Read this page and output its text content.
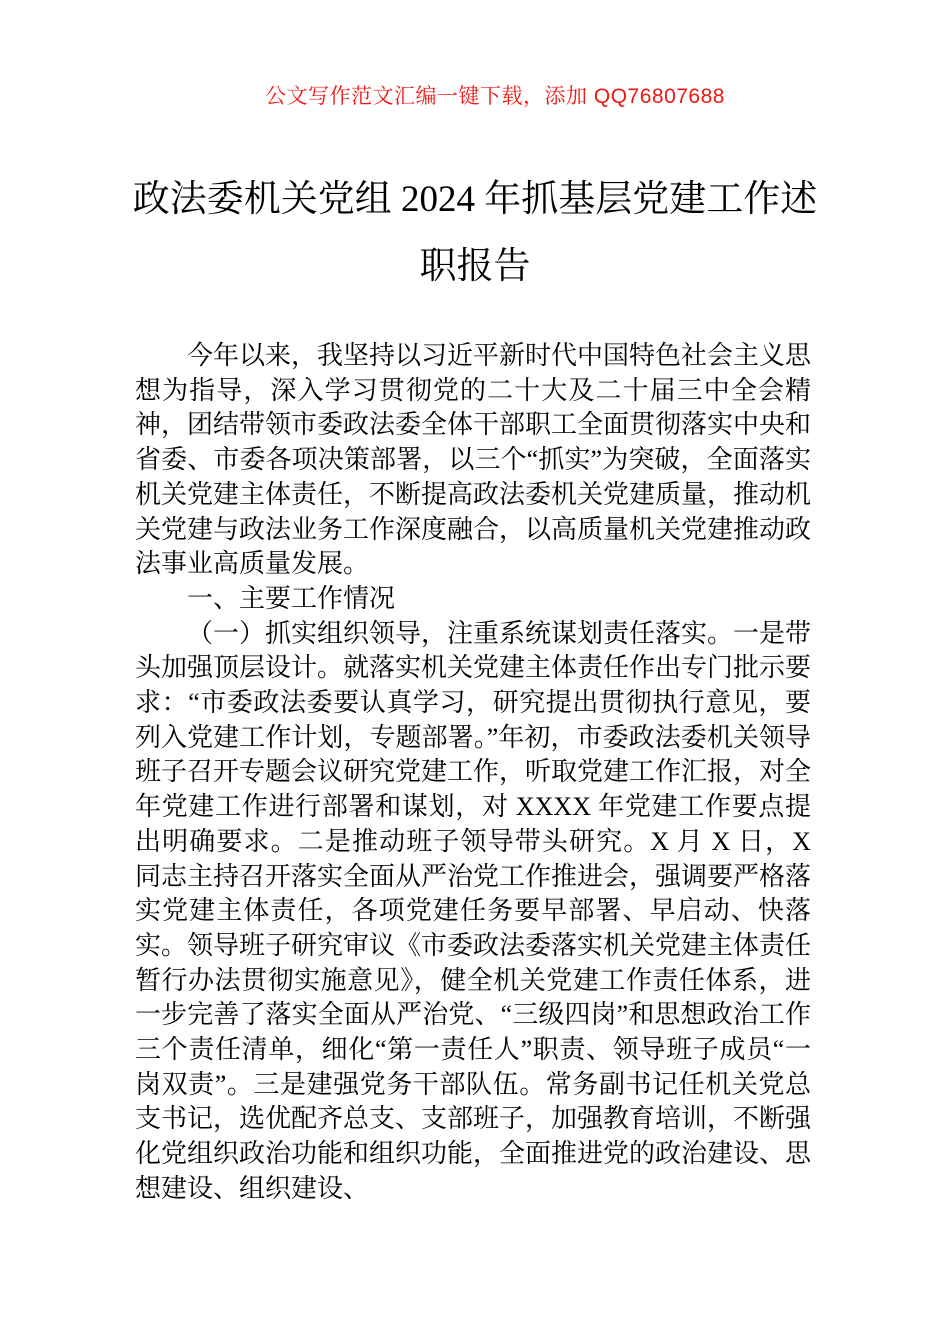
公文写作范文汇编一键下载，添加 QQ76807688
政法委机关党组 2024 年抓基层党建工作述
职报告

今年以来，我坚持以习近平新时代中国特色社会主义思想为指导，深入学习贯彻党的二十大及二十届三中全会精神，团结带领市委政法委全体干部职工全面贯彻落实中央和省委、市委各项决策部署，以三个“抓实”为突破，全面落实机关党建主体责任，不断提高政法委机关党建质量，推动机关党建与政法业务工作深度融合，以高质量机关党建推动政法事业高质量发展。

一、主要工作情况

（一）抓实组织领导，注重系统谋划责任落实。一是带头加强顶层设计。就落实机关党建主体责任作出专门批示要求：“市委政法委要认真学习，研究提出贯彻执行意见，要列入党建工作计划，专题部署。”年初，市委政法委机关领导班子召开专题会议研究党建工作，听取党建工作汇报，对全年党建工作进行部署和谋划，对 XXXX 年党建工作要点提出明确要求。二是推动班子领导带头研究。X 月 X 日，X 同志主持召开落实全面从严治党工作推进会，强调要严格落实党建主体责任，各项党建任务要早部署、早启动、快落实。领导班子研究审议《市委政法委落实机关党建主体责任暂行办法贯彻实施意见》，健全机关党建工作责任体系，进一步完善了落实全面从严治党、“三级四岗”和思想政治工作三个责任清单，细化“第一责任人”职责、领导班子成员“一岗双责”。三是建强党务干部队伍。常务副书记任机关党总支书记，选优配齐总支、支部班子，加强教育培训，不断强化党组织政治功能和组织功能，全面推进党的政治建设、思想建设、组织建设、
